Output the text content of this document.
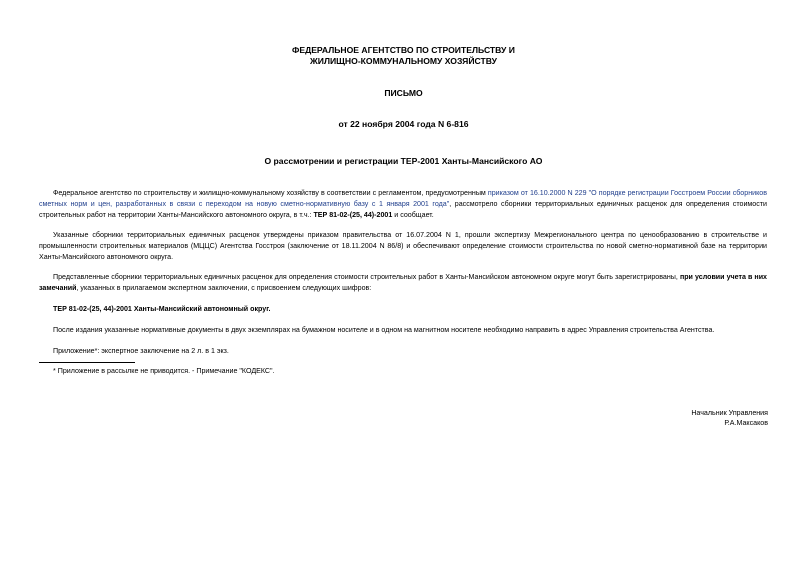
ФЕДЕРАЛЬНОЕ АГЕНТСТВО ПО СТРОИТЕЛЬСТВУ И

ЖИЛИЩНО-КОММУНАЛЬНОМУ ХОЗЯЙСТВУ

ПИСЬМО

от 22 ноября 2004 года N 6-816

О рассмотрении и регистрации ТЕР-2001 Ханты-Мансийского АО

Федеральное агентство по строительству и жилищно-коммунальному хозяйству в соответствии с регламентом, предусмотренным приказом от 16.10.2000 N 229 "О порядке регистрации Госстроем России сборников сметных норм и цен, разработанных в связи с переходом на новую сметно-нормативную базу с 1 января 2001 года", рассмотрело сборники территориальных единичных расценок для определения стоимости строительных работ на территории Ханты-Мансийского автономного округа, в т.ч.: ТЕР 81-02-(25, 44)-2001 и сообщает.

Указанные сборники территориальных единичных расценок утверждены приказом правительства от 16.07.2004 N 1, прошли экспертизу Межрегионального центра по ценообразованию в строительстве и промышленности строительных материалов (МЦЦС) Агентства Госстроя (заключение от 18.11.2004 N 86/8) и обеспечивают определение стоимости строительства по новой сметно-нормативной базе на территории Ханты-Мансийского автономного округа.

Представленные сборники территориальных единичных расценок для определения стоимости строительных работ в Ханты-Мансийском автономном округе могут быть зарегистрированы, при условии учета в них замечаний, указанных в прилагаемом экспертном заключении, с присвоением следующих шифров:

ТЕР 81-02-(25, 44)-2001 Ханты-Мансийский автономный округ.

После издания указанные нормативные документы в двух экземплярах на бумажном носителе и в одном на магнитном носителе необходимо направить в адрес Управления строительства Агентства.

Приложение*: экспертное заключение на 2 л. в 1 экз.

* Приложение в рассылке не приводится. - Примечание "КОДЕКС".

Начальник Управления

Р.А.Максаков
